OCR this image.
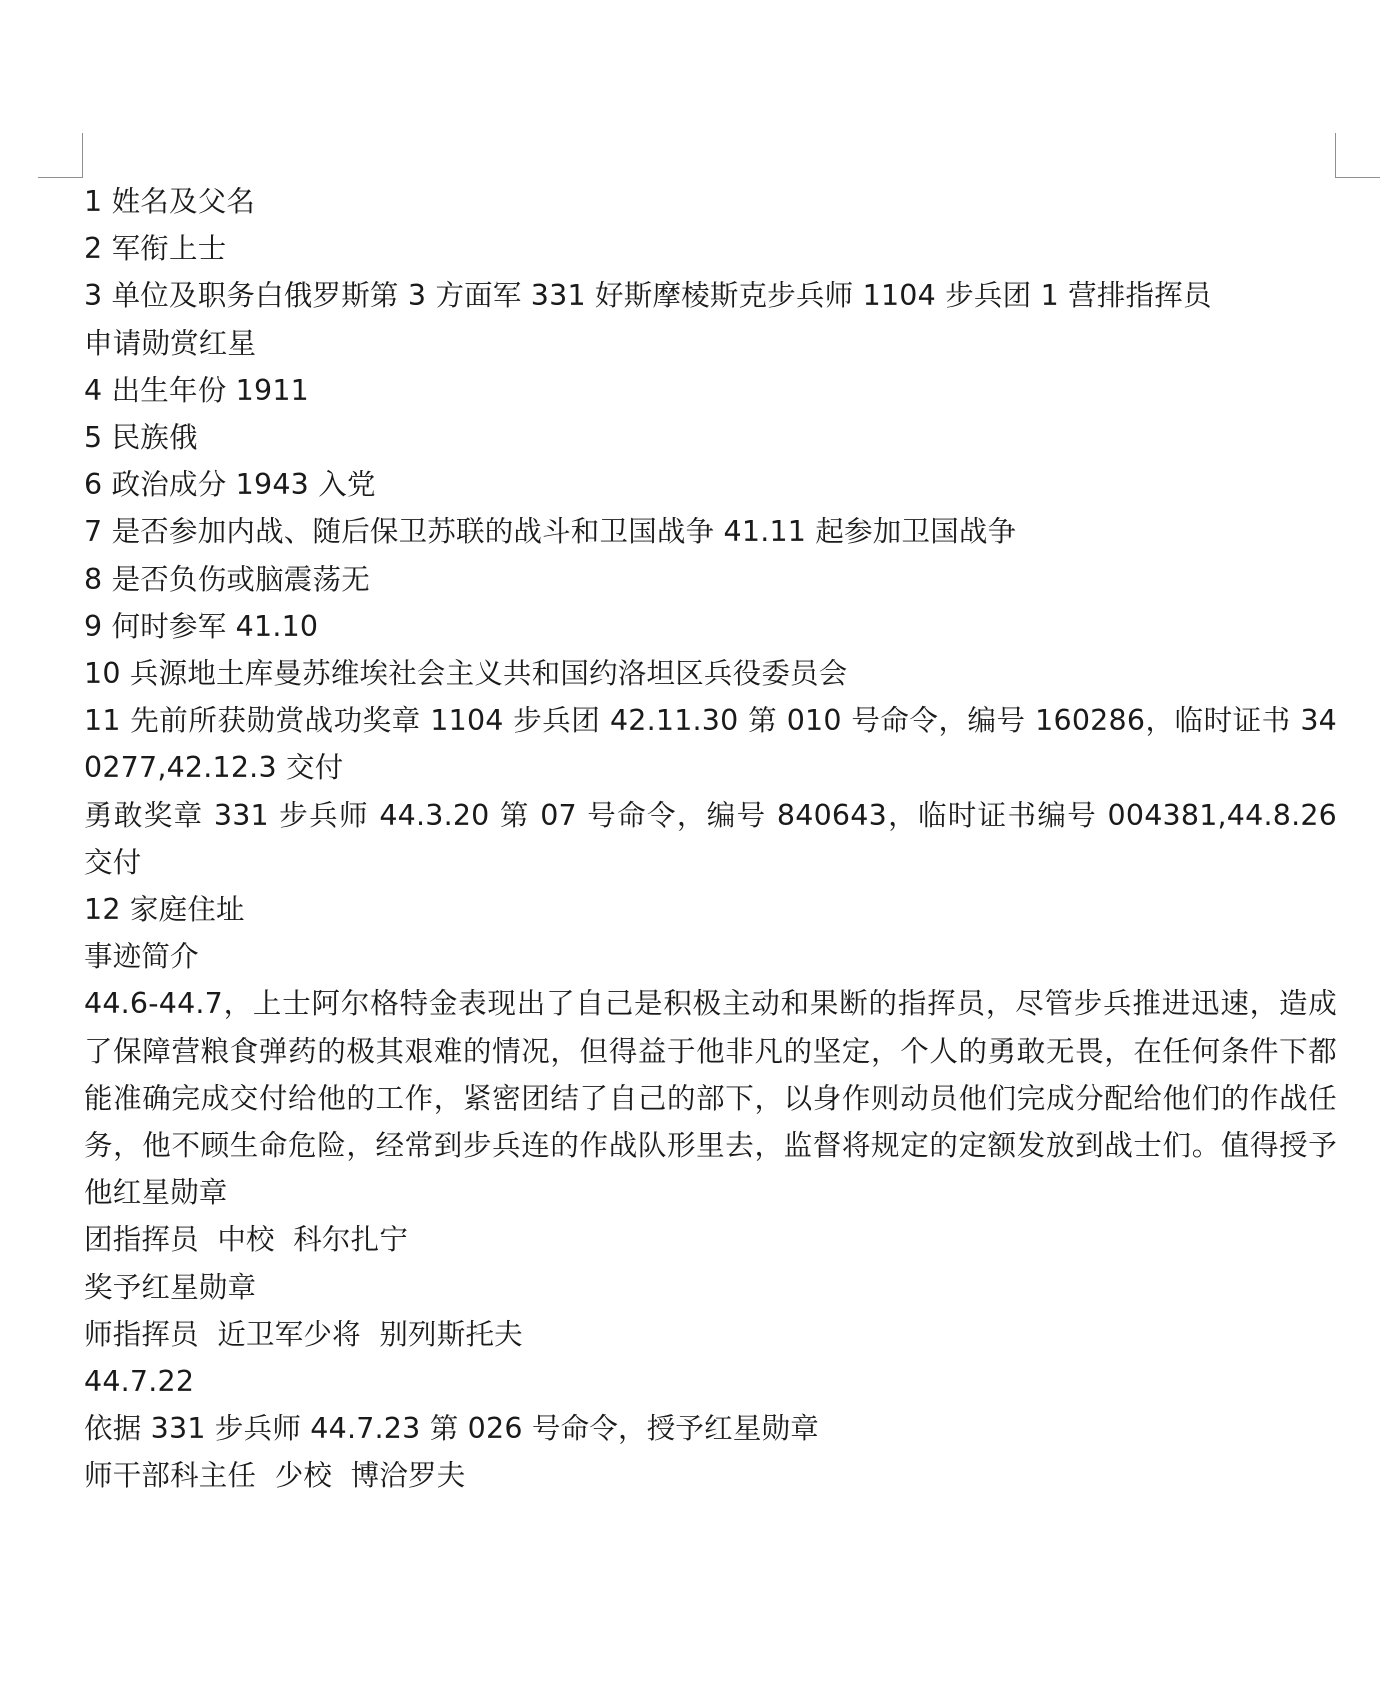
1 姓名及父名

2 军衔上士

3 单位及职务白俄罗斯第 3 方面军 331 好斯摩棱斯克步兵师 1104 步兵团 1 营排指挥员

申请勋赏红星

4 出生年份 1911

5 民族俄

6 政治成分 1943 入党

7 是否参加内战、随后保卫苏联的战斗和卫国战争 41.11 起参加卫国战争

8 是否负伤或脑震荡无

9 何时参军 41.10

10 兵源地土库曼苏维埃社会主义共和国约洛坦区兵役委员会

11 先前所获勋赏战功奖章 1104 步兵团 42.11.30 第 010 号命令，编号 160286，临时证书 340277,42.12.3 交付

勇敢奖章 331 步兵师 44.3.20 第 07 号命令，编号 840643，临时证书编号 004381,44.8.26 交付

12 家庭住址

事迹简介

44.6-44.7，上士阿尔格特金表现出了自己是积极主动和果断的指挥员，尽管步兵推进迅速，造成了保障营粮食弹药的极其艰难的情况，但得益于他非凡的坚定，个人的勇敢无畏，在任何条件下都能准确完成交付给他的工作，紧密团结了自己的部下，以身作则动员他们完成分配给他们的作战任务，他不顾生命危险，经常到步兵连的作战队形里去，监督将规定的定额发放到战士们。值得授予他红星勋章

团指挥员  中校  科尔扎宁

奖予红星勋章

师指挥员  近卫军少将  别列斯托夫

44.7.22

依据 331 步兵师 44.7.23 第 026 号命令，授予红星勋章

师干部科主任  少校  博洽罗夫
